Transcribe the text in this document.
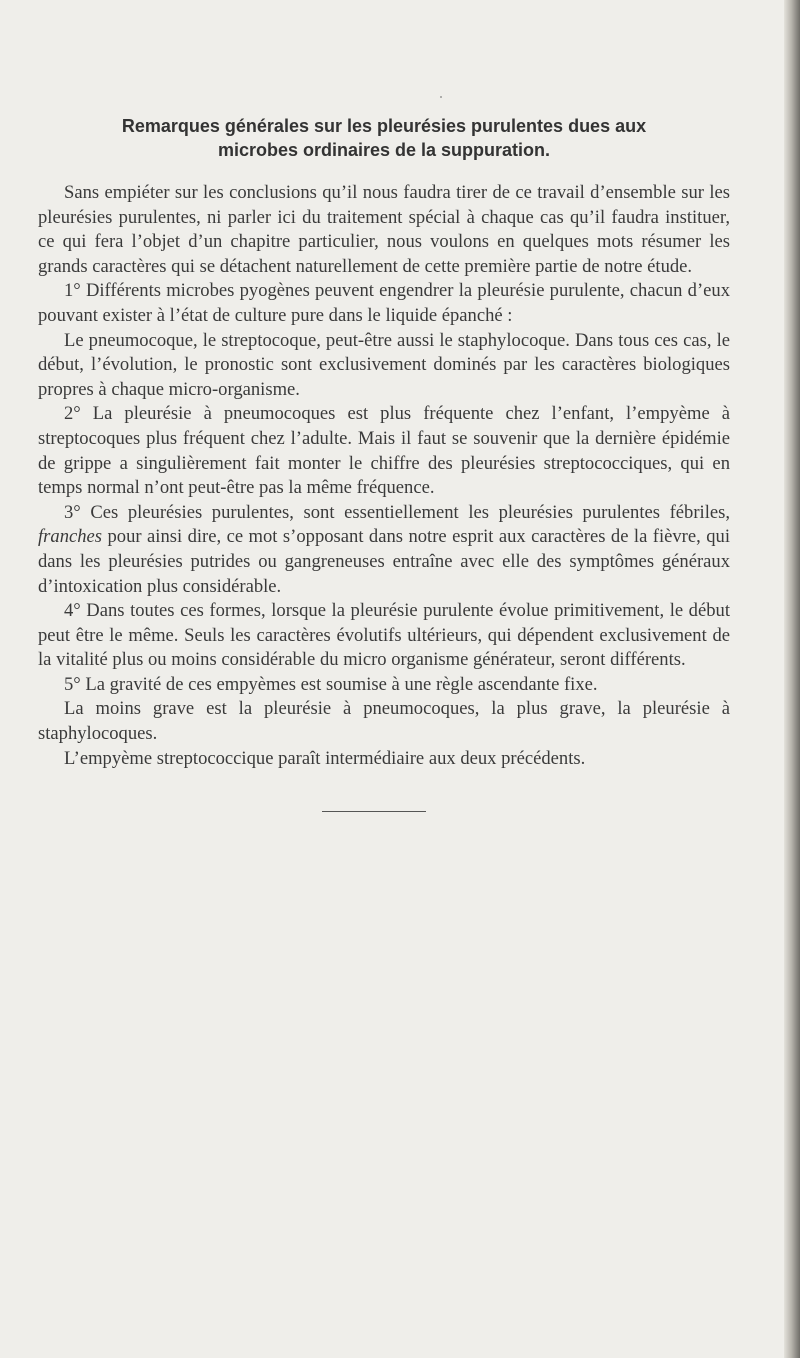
Remarques générales sur les pleurésies purulentes dues aux
microbes ordinaires de la suppuration.

Sans empiéter sur les conclusions qu’il nous faudra tirer de ce travail d’ensemble sur les pleurésies purulentes, ni parler ici du traitement spécial à chaque cas qu’il faudra instituer, ce qui fera l’objet d’un chapitre particulier, nous voulons en quelques mots résumer les grands caractères qui se détachent naturellement de cette première partie de notre étude.

1° Différents microbes pyogènes peuvent engendrer la pleurésie purulente, chacun d’eux pouvant exister à l’état de culture pure dans le liquide épanché :

Le pneumocoque, le streptocoque, peut-être aussi le staphylocoque. Dans tous ces cas, le début, l’évolution, le pronostic sont exclusivement dominés par les caractères biologiques propres à chaque micro-organisme.

2° La pleurésie à pneumocoques est plus fréquente chez l’enfant, l’empyème à streptocoques plus fréquent chez l’adulte. Mais il faut se souvenir que la dernière épidémie de grippe a singulièrement fait monter le chiffre des pleurésies streptococciques, qui en temps normal n’ont peut-être pas la même fréquence.

3° Ces pleurésies purulentes, sont essentiellement les pleurésies purulentes fébriles, franches pour ainsi dire, ce mot s’opposant dans notre esprit aux caractères de la fièvre, qui dans les pleurésies putrides ou gangreneuses entraîne avec elle des symptômes généraux d’intoxication plus considérable.

4° Dans toutes ces formes, lorsque la pleurésie purulente évolue primitivement, le début peut être le même. Seuls les caractères évolutifs ultérieurs, qui dépendent exclusivement de la vitalité plus ou moins considérable du micro organisme générateur, seront différents.

5° La gravité de ces empyèmes est soumise à une règle ascendante fixe.

La moins grave est la pleurésie à pneumocoques, la plus grave, la pleurésie à staphylocoques.

L’empyème streptococcique paraît intermédiaire aux deux précédents.
